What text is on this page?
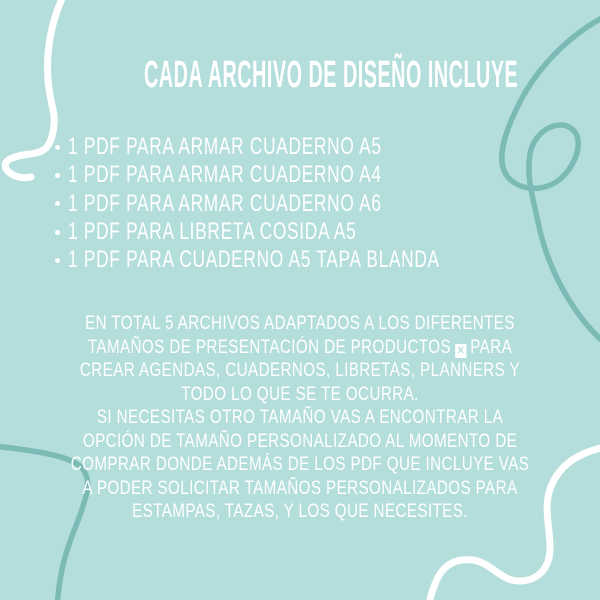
CADA ARCHIVO DE DISEÑO INCLUYE
1 PDF PARA ARMAR CUADERNO A5
1 PDF PARA ARMAR CUADERNO A4
1 PDF PARA ARMAR CUADERNO A6
1 PDF PARA LIBRETA COSIDA A5
1 PDF PARA CUADERNO A5 TAPA BLANDA
EN TOTAL 5 ARCHIVOS ADAPTADOS A LOS DIFERENTES
TAMAÑOS DE PRESENTACIÓN DE PRODUCTOS ✕ PARA
CREAR AGENDAS, CUADERNOS, LIBRETAS, PLANNERS Y
TODO LO QUE SE TE OCURRA.
SI NECESITAS OTRO TAMAÑO VAS A ENCONTRAR LA
OPCIÓN DE TAMAÑO PERSONALIZADO AL MOMENTO DE
COMPRAR DONDE ADEMÁS DE LOS PDF QUE INCLUYE VAS
A PODER SOLICITAR TAMAÑOS PERSONALIZADOS PARA
ESTAMPAS, TAZAS, Y LOS QUE NECESITES.
